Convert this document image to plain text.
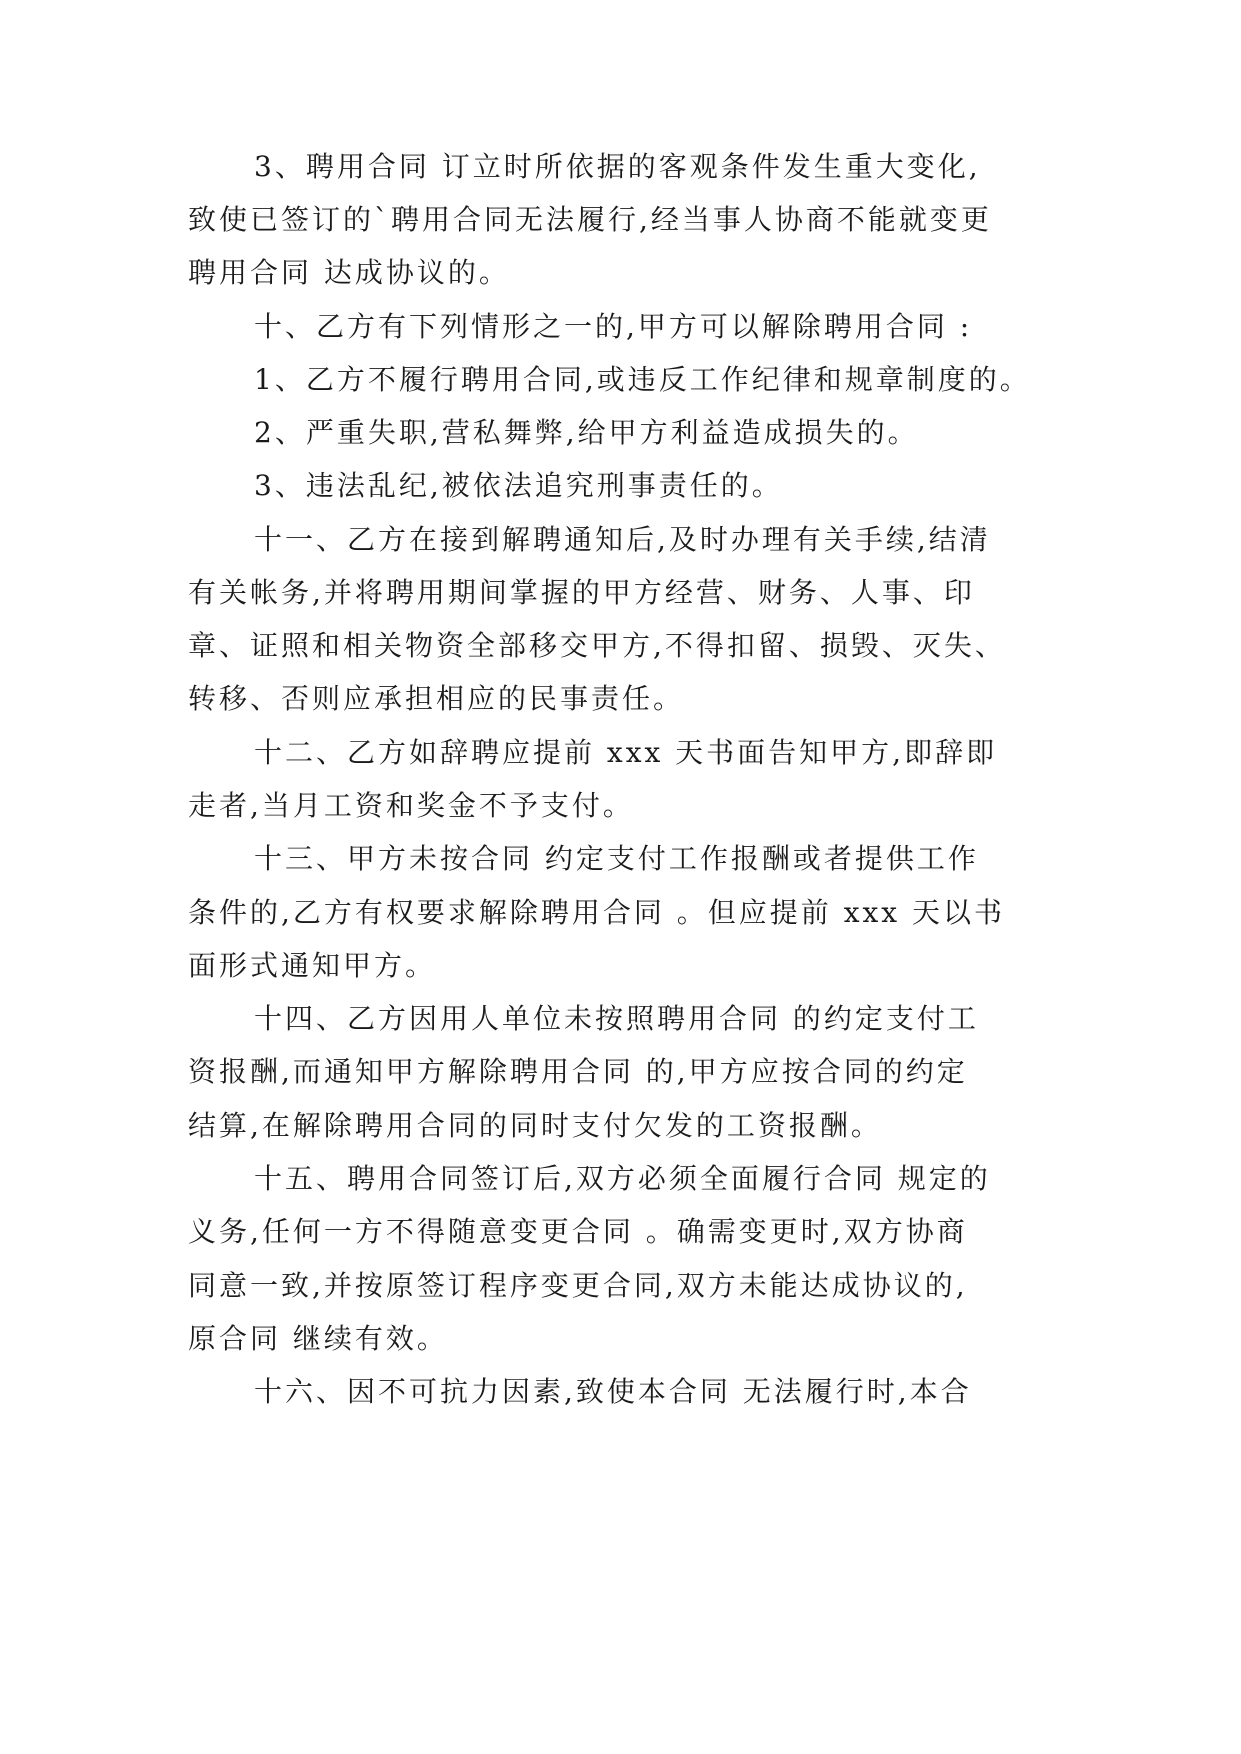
3、聘用合同 订立时所依据的客观条件发生重大变化,

致使已签订的`聘用合同无法履行,经当事人协商不能就变更

聘用合同 达成协议的。

十、乙方有下列情形之一的,甲方可以解除聘用合同 :

1、乙方不履行聘用合同,或违反工作纪律和规章制度的。

2、严重失职,营私舞弊,给甲方利益造成损失的。

3、违法乱纪,被依法追究刑事责任的。

十一、乙方在接到解聘通知后,及时办理有关手续,结清

有关帐务,并将聘用期间掌握的甲方经营、财务、人事、印

章、证照和相关物资全部移交甲方,不得扣留、损毁、灭失、

转移、否则应承担相应的民事责任。

十二、乙方如辞聘应提前 xxx 天书面告知甲方,即辞即

走者,当月工资和奖金不予支付。

十三、甲方未按合同 约定支付工作报酬或者提供工作

条件的,乙方有权要求解除聘用合同 。但应提前 xxx 天以书

面形式通知甲方。

十四、乙方因用人单位未按照聘用合同 的约定支付工

资报酬,而通知甲方解除聘用合同 的,甲方应按合同的约定

结算,在解除聘用合同的同时支付欠发的工资报酬。

十五、聘用合同签订后,双方必须全面履行合同 规定的

义务,任何一方不得随意变更合同 。确需变更时,双方协商

同意一致,并按原签订程序变更合同,双方未能达成协议的,

原合同 继续有效。

十六、因不可抗力因素,致使本合同 无法履行时,本合
